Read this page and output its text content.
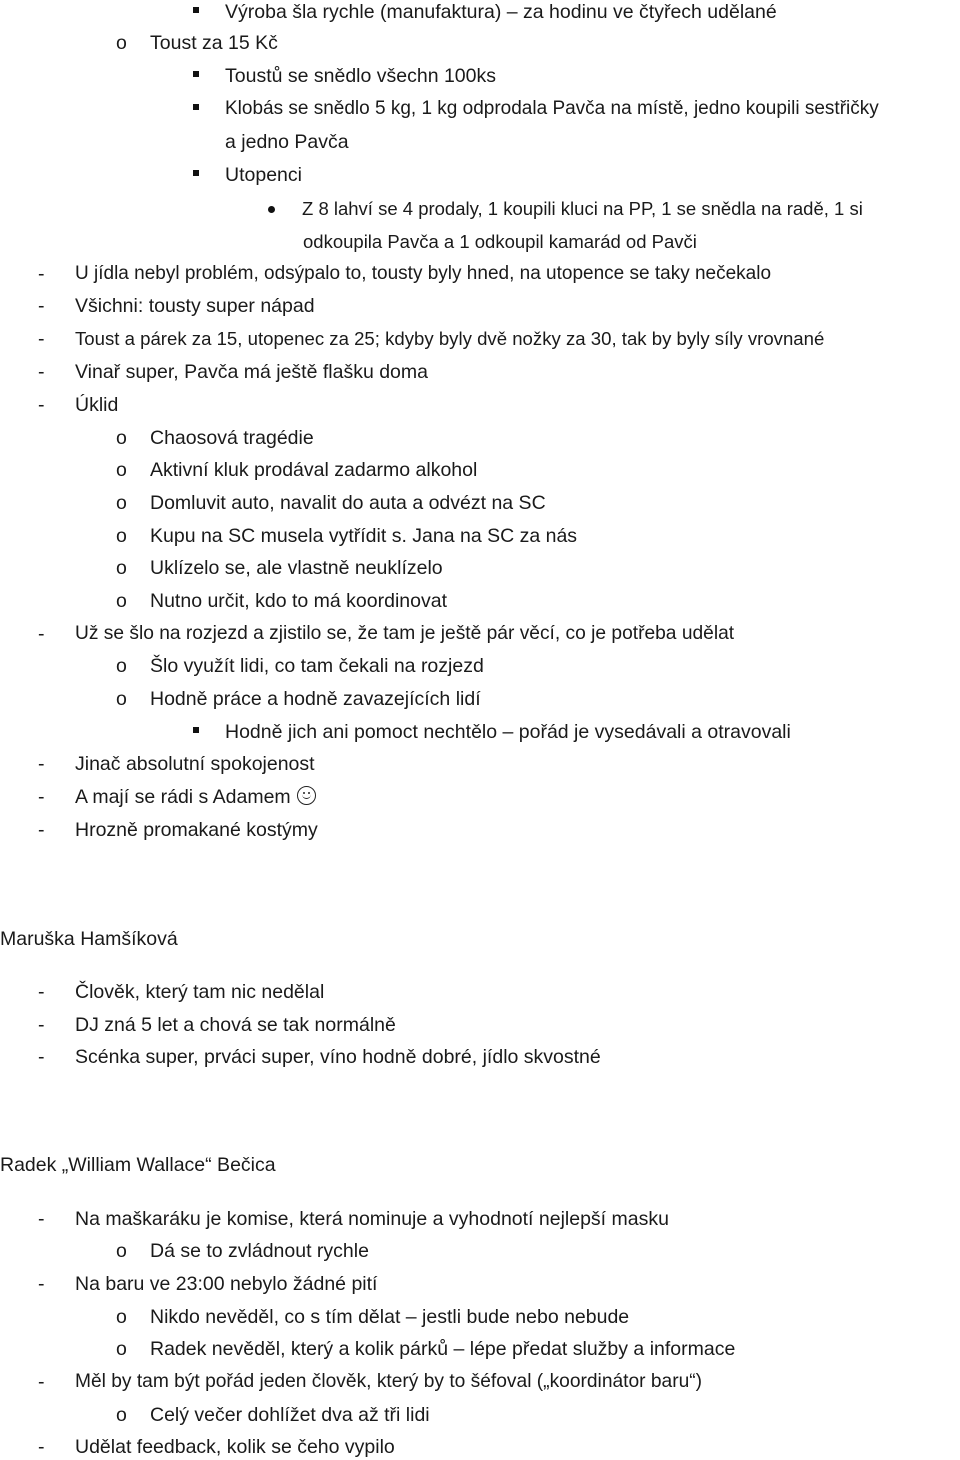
Výroba šla rychle (manufaktura) – za hodinu ve čtyřech udělané
o Toust za 15 Kč
Toustů se snědlo všechn 100ks
Klobás se snědlo 5 kg, 1 kg odprodala Pavča na místě, jedno koupili sestřičky
a jedno Pavča
Utopenci
Z 8 lahví se 4 prodaly, 1 koupili kluci na PP, 1 se snědla na radě, 1 si
odkoupila Pavča a 1 odkoupil kamarád od Pavči
- U jídla nebyl problém, odsýpalo to, tousty byly hned, na utopence se taky nečekalo
- Všichni: tousty super nápad
- Toust a párek za 15, utopenec za 25; kdyby byly dvě nožky za 30, tak by byly síly vrovnané
- Vinař super, Pavča má ještě flašku doma
- Úklid
o Chaosová tragédie
o Aktivní kluk prodával zadarmo alkohol
o Domluvit auto, navalit do auta a odvézt na SC
o Kupu na SC musela vytřídit s. Jana na SC za nás
o Uklízelo se, ale vlastně neuklízelo
o Nutno určit, kdo to má koordinovat
- Už se šlo na rozjezd a zjistilo se, že tam je ještě pár věcí, co je potřeba udělat
o Šlo využít lidi, co tam čekali na rozjezd
o Hodně práce a hodně zavazejících lidí
Hodně jich ani pomoct nechtělo – pořád je vysedávali a otravovali
- Jinač absolutní spokojenost
- A mají se rádi s Adamem
- Hrozně promakané kostýmy
Maruška Hamšíková
- Člověk, který tam nic nedělal
- DJ zná 5 let a chová se tak normálně
- Scénka super, prváci super, víno hodně dobré, jídlo skvostné
Radek „William Wallace“ Bečica
- Na maškaráku je komise, která nominuje a vyhodnotí nejlepší masku
o Dá se to zvládnout rychle
- Na baru ve 23:00 nebylo žádné pití
o Nikdo nevěděl, co s tím dělat – jestli bude nebo nebude
o Radek nevěděl, který a kolik párků – lépe předat služby a informace
- Měl by tam být pořád jeden člověk, který by to šéfoval („koordinátor baru“)
o Celý večer dohlížet dva až tři lidi
- Udělat feedback, kolik se čeho vypilo
